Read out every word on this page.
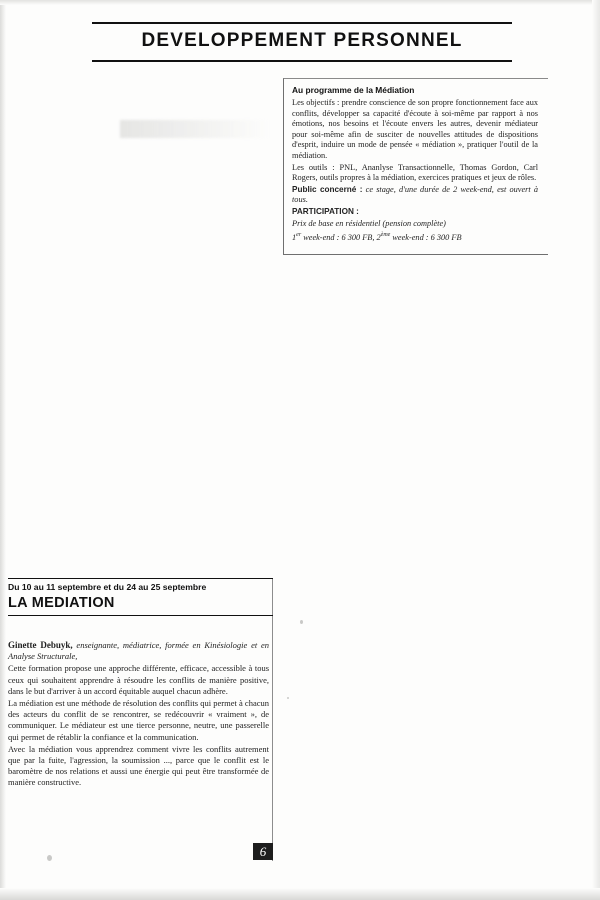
DEVELOPPEMENT PERSONNEL
Au programme de la Médiation

Les objectifs : prendre conscience de son propre fonctionnement face aux conflits, développer sa capacité d'écoute à soi-même par rapport à nos émotions, nos besoins et l'écoute envers les autres, devenir médiateur pour soi-même afin de susciter de nouvelles attitudes de dispositions d'esprit, induire un mode de pensée « médiation », pratiquer l'outil de la médiation.

Les outils : PNL, Ananlyse Transactionnelle, Thomas Gordon, Carl Rogers, outils propres à la médiation, exercices pratiques et jeux de rôles.

Public concerné : ce stage, d'une durée de 2 week-end, est ouvert à tous.

PARTICIPATION :

Prix de base en résidentiel (pension complète)

1er week-end : 6 300 FB, 2ème week-end : 6 300 FB

Du 10 au 11 septembre et du 24 au 25 septembre
LA MEDIATION

Ginette Debuyk, enseignante, médiatrice, formée en Kinésiologie et en Analyse Structurale,

Cette formation propose une approche différente, efficace, accessible à tous ceux qui souhaitent apprendre à résoudre les conflits de manière positive, dans le but d'arriver à un accord équitable auquel chacun adhère.

La médiation est une méthode de résolution des conflits qui permet à chacun des acteurs du conflit de se rencontrer, se redécouvrir « vraiment », de communiquer. Le médiateur est une tierce personne, neutre, une passerelle qui permet de rétablir la confiance et la communication.

Avec la médiation vous apprendrez comment vivre les conflits autrement que par la fuite, l'agression, la soumission ..., parce que le conflit est le baromètre de nos relations et aussi une énergie qui peut être transformée de manière constructive.

6
